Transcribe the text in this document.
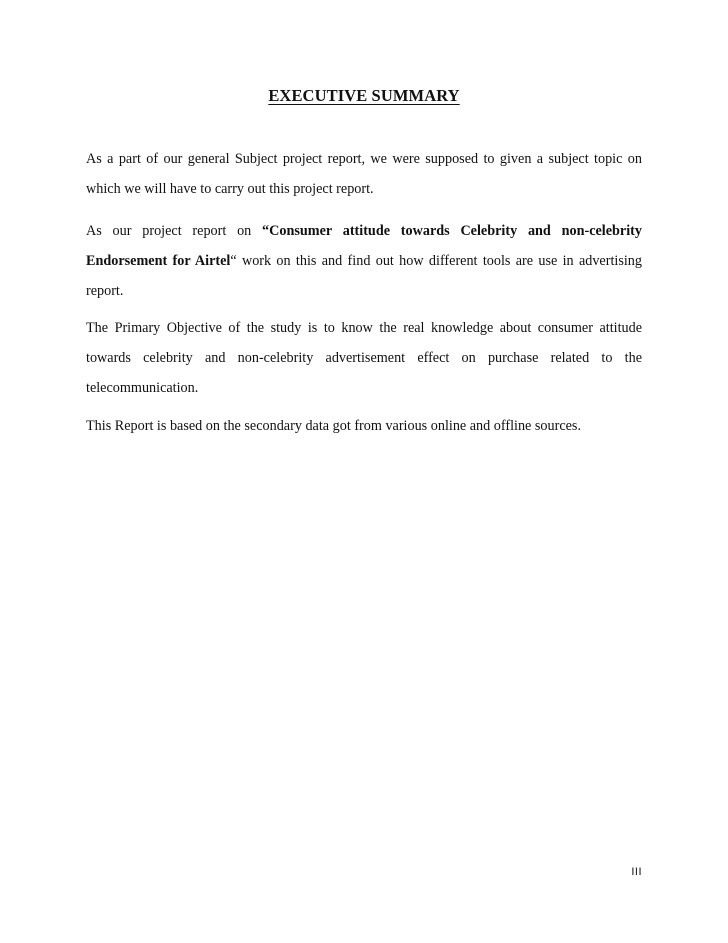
EXECUTIVE SUMMARY

As a part of our general Subject project report, we were supposed to given a subject topic on which we will have to carry out this project report.

As our project report on “Consumer attitude towards Celebrity and non-celebrity Endorsement for Airtel“ work on this and find out how different tools are use in advertising report.

The Primary Objective of the study is to know the real knowledge about consumer attitude towards celebrity and non-celebrity advertisement effect on purchase related to the telecommunication.

This Report is based on the secondary data got from various online and offline sources.

III
